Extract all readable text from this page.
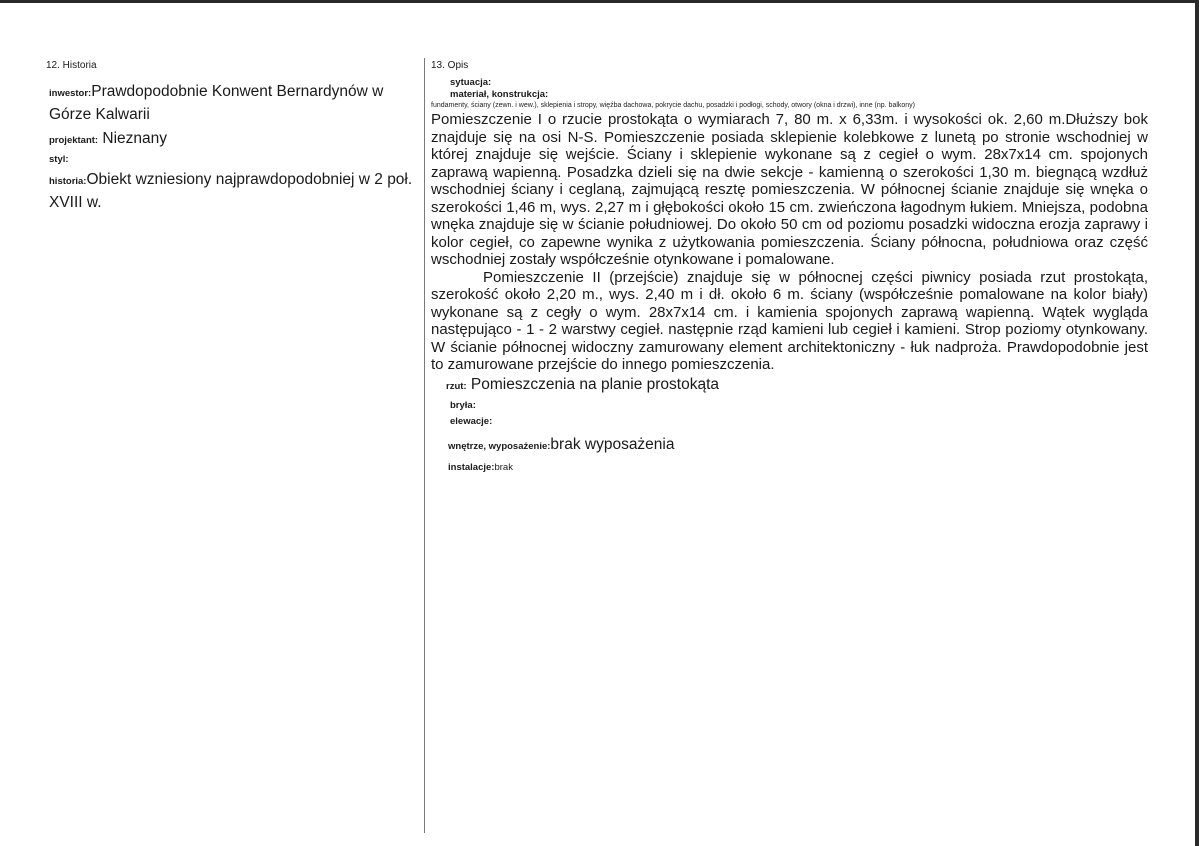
12. Historia
inwestor:Prawdopodobnie Konwent Bernardynów w Górze Kalwarii
projektant: Nieznany
styl:
historia:Obiekt wzniesiony najprawdopodobniej w 2 poł. XVIII w.
13. Opis
sytuacja:
materiał, konstrukcja:
fundamenty, ściany (zewn. i wew.), sklepienia i stropy, więźba dachowa, pokrycie dachu, posadzki i podłogi, schody, otwory (okna i drzwi), inne (np. balkony)

Pomieszczenie I o rzucie prostokąta o wymiarach 7, 80 m. x 6,33m. i wysokości ok. 2,60 m.Dłuższy bok znajduje się na osi N-S. Pomieszczenie posiada sklepienie kolebkowe z lunetą po stronie wschodniej w której znajduje się wejście. Ściany i sklepienie wykonane są z cegieł o wym. 28x7x14 cm. spojonych zaprawą wapienną. Posadzka dzieli się na dwie sekcje - kamienną o szerokości 1,30 m. biegnącą wzdłuż wschodniej ściany i ceglaną, zajmującą resztę pomieszczenia. W północnej ścianie znajduje się wnęka o szerokości 1,46 m, wys. 2,27 m i głębokości około 15 cm. zwieńczona łagodnym łukiem. Mniejsza, podobna wnęka znajduje się w ścianie południowej. Do około 50 cm od poziomu posadzki widoczna erozja zaprawy i kolor cegieł, co zapewne wynika z użytkowania pomieszczenia. Ściany północna, południowa oraz część wschodniej zostały współcześnie otynkowane i pomalowane.

Pomieszczenie II (przejście) znajduje się w północnej części piwnicy posiada rzut prostokąta, szerokość około 2,20 m., wys. 2,40 m i dł. około 6 m. ściany (współcześnie pomalowane na kolor biały) wykonane są z cegły o wym. 28x7x14 cm. i kamienia spojonych zaprawą wapienną. Wątek wygląda następująco - 1 - 2 warstwy cegieł. następnie rząd kamieni lub cegieł i kamieni. Strop poziomy otynkowany. W ścianie północnej widoczny zamurowany element architektoniczny - łuk nadproża. Prawdopodobnie jest to zamurowane przejście do innego pomieszczenia.

rzut: Pomieszczenia na planie prostokąta
bryła:
elewacje:
wnętrze, wyposażenie:brak wyposażenia
instalacje:brak
